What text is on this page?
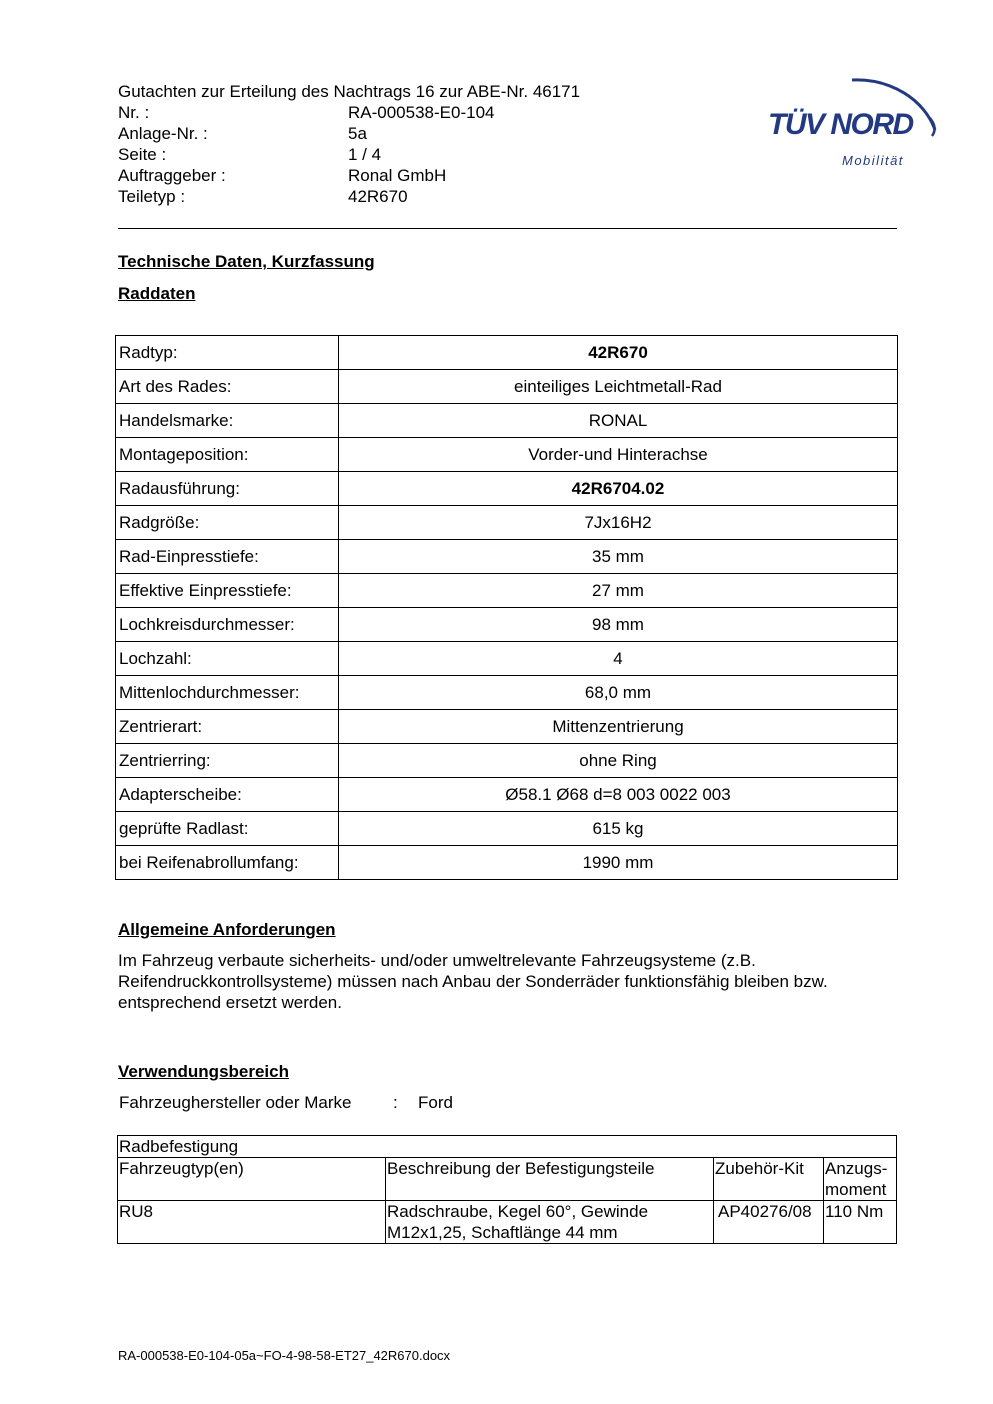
Gutachten zur Erteilung des Nachtrags 16 zur ABE-Nr. 46171
Nr. :	RA-000538-E0-104
Anlage-Nr. :	5a
Seite :	1 / 4
Auftraggeber :	Ronal GmbH
Teiletyp :	42R670
TÜV NORD
Mobilität
Technische Daten, Kurzfassung
Raddaten
Radtyp:	42R670
Art des Rades:	einteiliges Leichtmetall-Rad
Handelsmarke:	RONAL
Montageposition:	Vorder-und Hinterachse
Radausführung:	42R6704.02
Radgröße:	7Jx16H2
Rad-Einpresstiefe:	35 mm
Effektive Einpresstiefe:	27 mm
Lochkreisdurchmesser:	98 mm
Lochzahl:	4
Mittenlochdurchmesser:	68,0 mm
Zentrierart:	Mittenzentrierung
Zentrierring:	ohne Ring
Adapterscheibe:	Ø58.1 Ø68 d=8 003 0022 003
geprüfte Radlast:	615 kg
bei Reifenabrollumfang:	1990 mm
Allgemeine Anforderungen
Im Fahrzeug verbaute sicherheits- und/oder umweltrelevante Fahrzeugsysteme (z.B.
Reifendruckkontrollsysteme) müssen nach Anbau der Sonderräder funktionsfähig bleiben bzw.
entsprechend ersetzt werden.
Verwendungsbereich
Fahrzeughersteller oder Marke	:	Ford
Radbefestigung			
Fahrzeugtyp(en)	Beschreibung der Befestigungsteile	Zubehör-Kit	Anzugs-
moment

RU8	Radschraube, Kegel 60°, Gewinde
M12x1,25, Schaftlänge 44 mm	AP40276/08	110 Nm
RA-000538-E0-104-05a~FO-4-98-58-ET27_42R670.docx
